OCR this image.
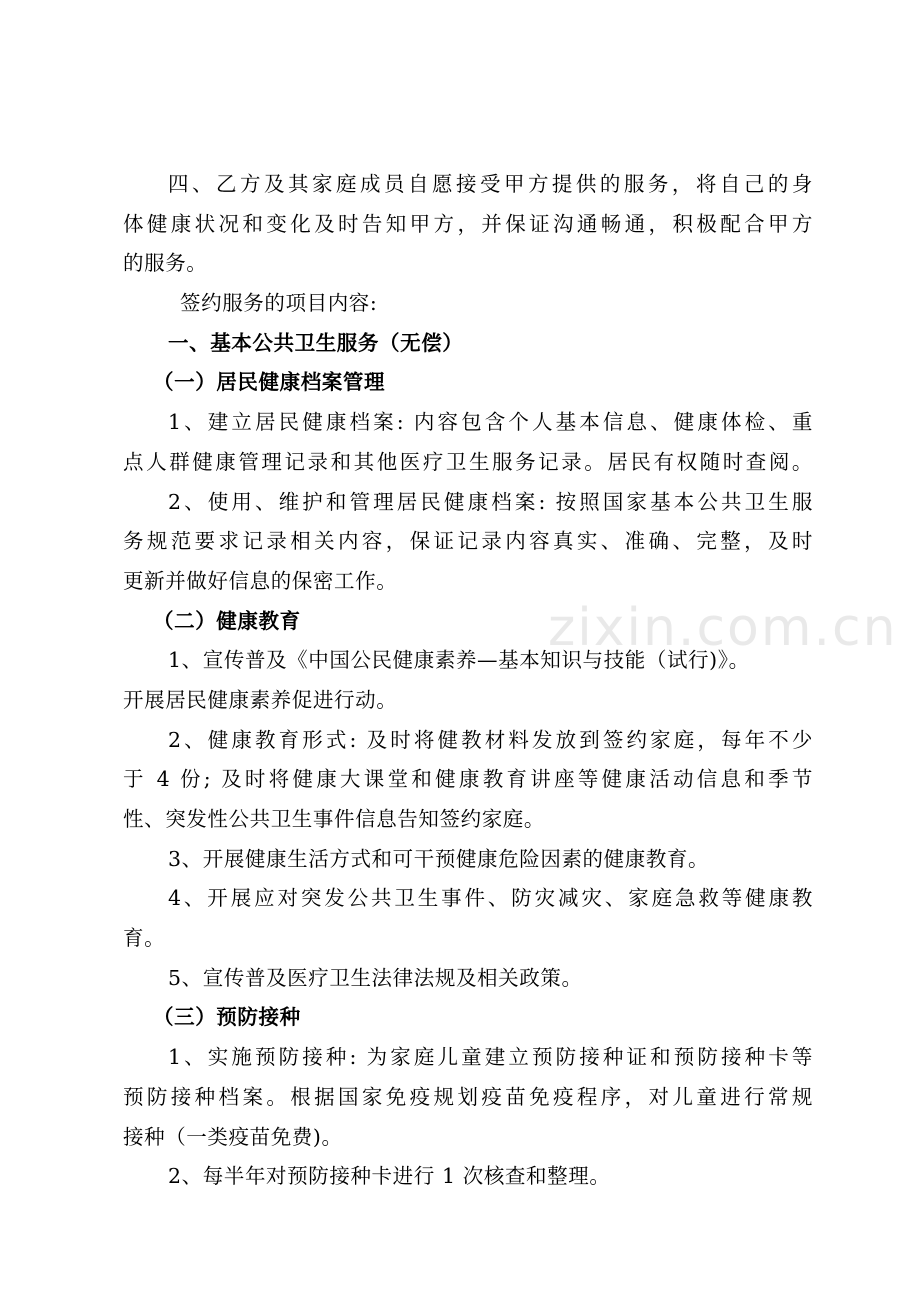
zixin.com.cn
四、乙方及其家庭成员自愿接受甲方提供的服务，将自己的身
体健康状况和变化及时告知甲方，并保证沟通畅通，积极配合甲方
的服务。
签约服务的项目内容:
一、基本公共卫生服务（无偿）
（一）居民健康档案管理
1、建立居民健康档案: 内容包含个人基本信息、健康体检、重
点人群健康管理记录和其他医疗卫生服务记录。居民有权随时查阅。
2、使用、维护和管理居民健康档案: 按照国家基本公共卫生服
务规范要求记录相关内容，保证记录内容真实、准确、完整，及时
更新并做好信息的保密工作。
（二）健康教育
1、宣传普及《中国公民健康素养—基本知识与技能（试行)》。
开展居民健康素养促进行动。
2、健康教育形式: 及时将健教材料发放到签约家庭，每年不少
于 4 份; 及时将健康大课堂和健康教育讲座等健康活动信息和季节
性、突发性公共卫生事件信息告知签约家庭。
3、开展健康生活方式和可干预健康危险因素的健康教育。
4、开展应对突发公共卫生事件、防灾减灾、家庭急救等健康教
育。
5、宣传普及医疗卫生法律法规及相关政策。
（三）预防接种
1、实施预防接种: 为家庭儿童建立预防接种证和预防接种卡等
预防接种档案。根据国家免疫规划疫苗免疫程序，对儿童进行常规
接种（一类疫苗免费)。
2、每半年对预防接种卡进行 1 次核查和整理。
